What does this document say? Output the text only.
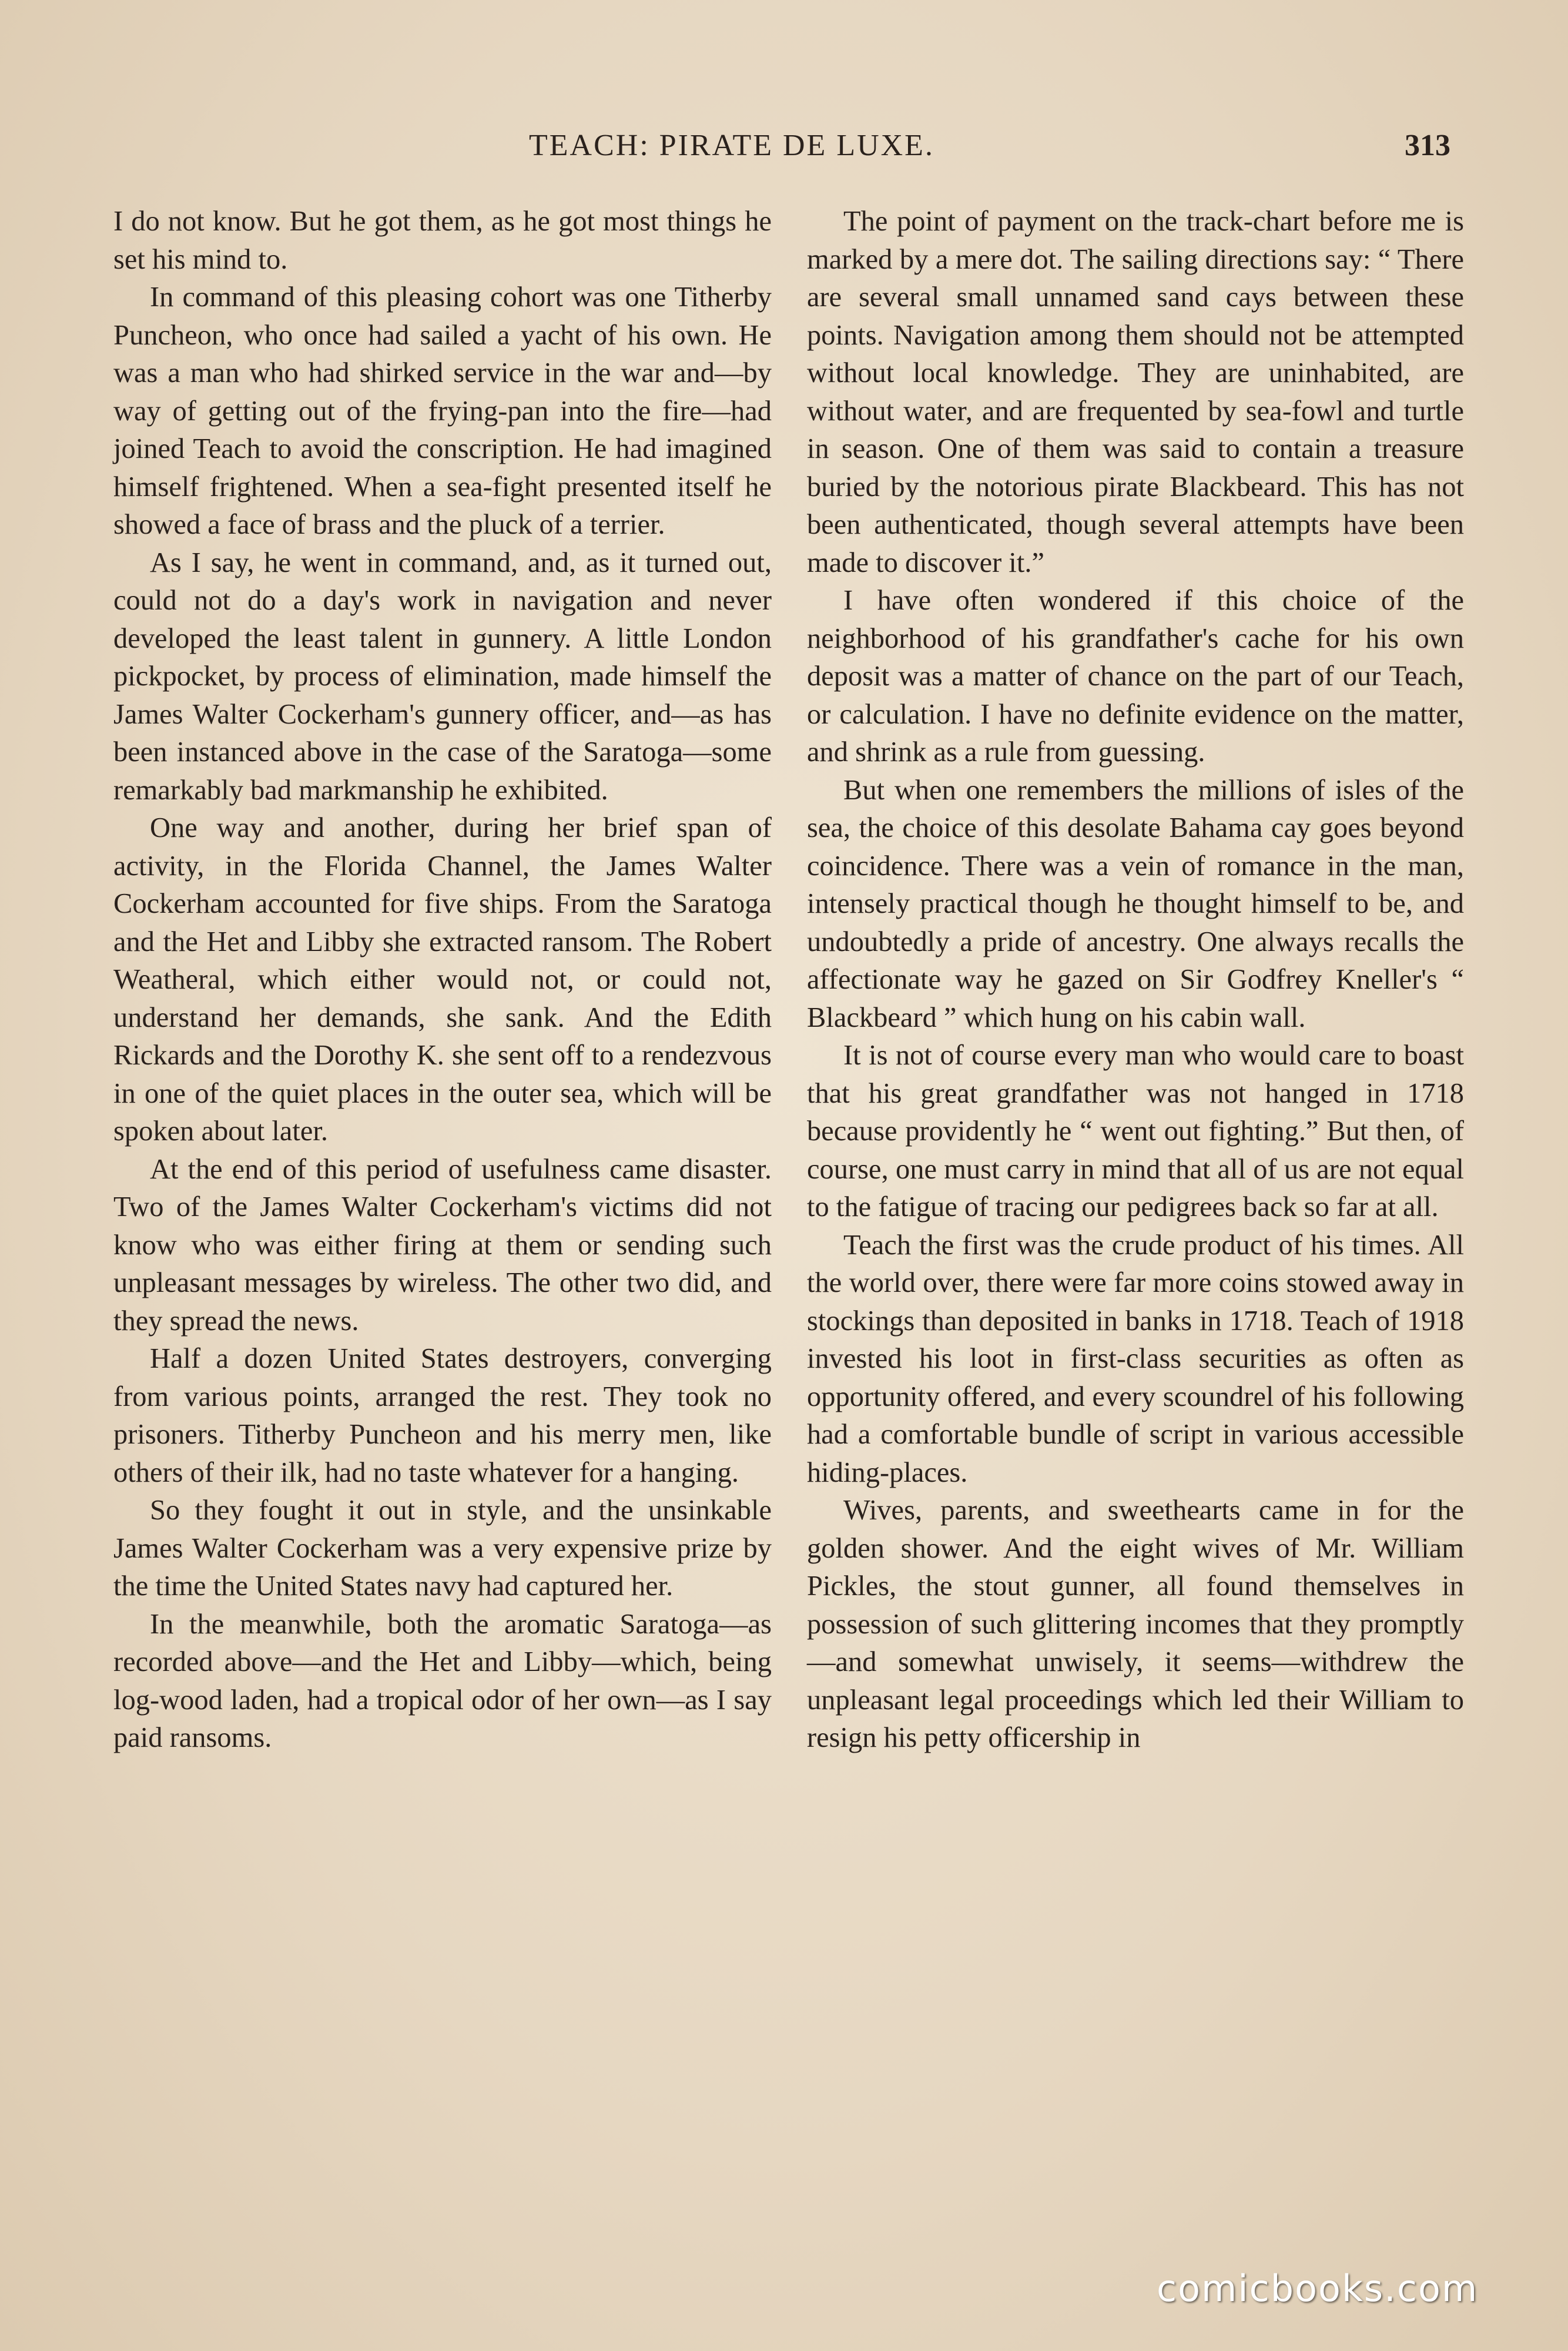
TEACH: PIRATE DE LUXE.	313

I do not know. But he got them, as he got most things he set his mind to.

In command of this pleasing cohort was one Titherby Puncheon, who once had sailed a yacht of his own. He was a man who had shirked service in the war and—by way of getting out of the frying-pan into the fire—had joined Teach to avoid the conscription. He had imagined himself frightened. When a sea-fight presented itself he showed a face of brass and the pluck of a terrier.

As I say, he went in command, and, as it turned out, could not do a day's work in navigation and never developed the least talent in gunnery. A little London pickpocket, by process of elimination, made himself the James Walter Cockerham's gunnery officer, and—as has been instanced above in the case of the Saratoga—some remarkably bad markmanship he exhibited.

One way and another, during her brief span of activity, in the Florida Channel, the James Walter Cockerham accounted for five ships. From the Saratoga and the Het and Libby she extracted ransom. The Robert Weatheral, which either would not, or could not, understand her demands, she sank. And the Edith Rickards and the Dorothy K. she sent off to a rendezvous in one of the quiet places in the outer sea, which will be spoken about later.

At the end of this period of usefulness came disaster. Two of the James Walter Cockerham's victims did not know who was either firing at them or sending such unpleasant messages by wireless. The other two did, and they spread the news.

Half a dozen United States destroyers, converging from various points, arranged the rest. They took no prisoners. Titherby Puncheon and his merry men, like others of their ilk, had no taste whatever for a hanging.

So they fought it out in style, and the unsinkable James Walter Cockerham was a very expensive prize by the time the United States navy had captured her.

In the meanwhile, both the aromatic Saratoga—as recorded above—and the Het and Libby—which, being log-wood laden, had a tropical odor of her own—as I say paid ransoms.

The point of payment on the track-chart before me is marked by a mere dot. The sailing directions say: “ There are several small unnamed sand cays between these points. Navigation among them should not be attempted without local knowledge. They are uninhabited, are without water, and are frequented by sea-fowl and turtle in season. One of them was said to contain a treasure buried by the notorious pirate Blackbeard. This has not been authenticated, though several attempts have been made to discover it.”

I have often wondered if this choice of the neighborhood of his grandfather's cache for his own deposit was a matter of chance on the part of our Teach, or calculation. I have no definite evidence on the matter, and shrink as a rule from guessing.

But when one remembers the millions of isles of the sea, the choice of this desolate Bahama cay goes beyond coincidence. There was a vein of romance in the man, intensely practical though he thought himself to be, and undoubtedly a pride of ancestry. One always recalls the affectionate way he gazed on Sir Godfrey Kneller's “ Blackbeard ” which hung on his cabin wall.

It is not of course every man who would care to boast that his great grandfather was not hanged in 1718 because providently he “ went out fighting.” But then, of course, one must carry in mind that all of us are not equal to the fatigue of tracing our pedigrees back so far at all.

Teach the first was the crude product of his times. All the world over, there were far more coins stowed away in stockings than deposited in banks in 1718. Teach of 1918 invested his loot in first-class securities as often as opportunity offered, and every scoundrel of his following had a comfortable bundle of script in various accessible hiding-places.

Wives, parents, and sweethearts came in for the golden shower. And the eight wives of Mr. William Pickles, the stout gunner, all found themselves in possession of such glittering incomes that they promptly—and somewhat unwisely, it seems—withdrew the unpleasant legal proceedings which led their William to resign his petty officership in

comicbooks.com
